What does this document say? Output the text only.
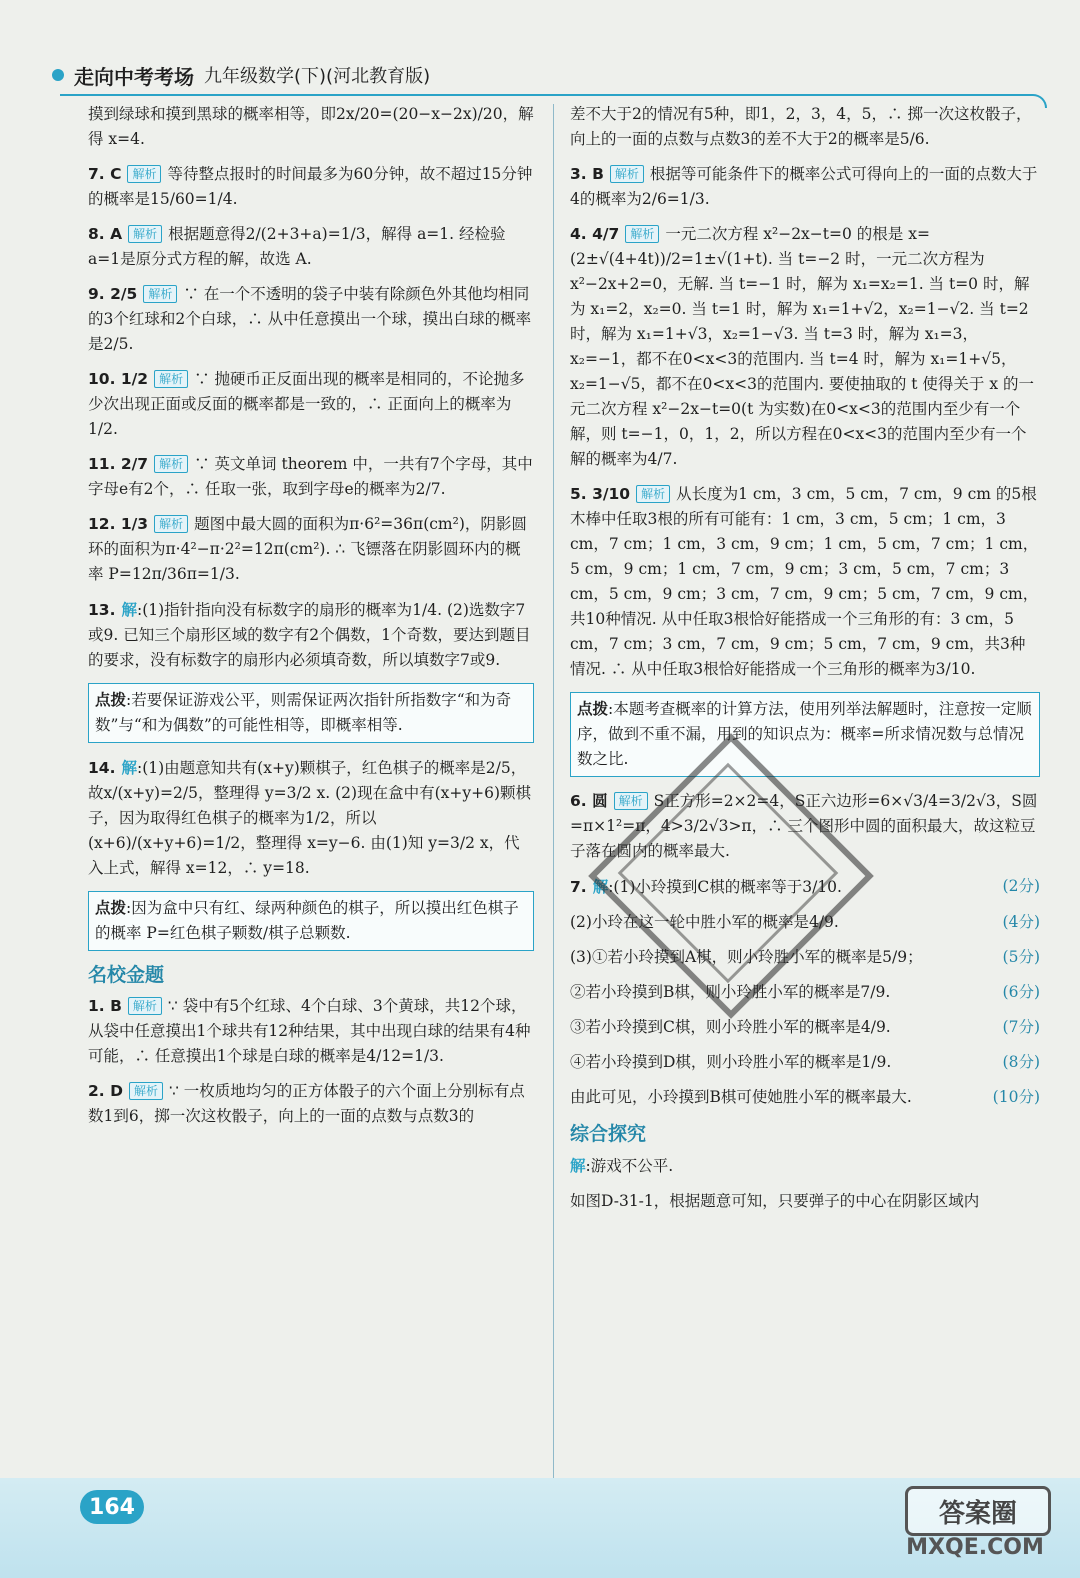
走向中考考场 九年级数学(下)(河北教育版)
摸到绿球和摸到黑球的概率相等，即2x/20=(20−x−2x)/20，解得 x=4.
7. C 解析 等待整点报时的时间最多为60分钟，故不超过15分钟的概率是15/60=1/4.
8. A 解析 根据题意得2/(2+3+a)=1/3，解得 a=1. 经检验 a=1是原分式方程的解，故选 A.
9. 2/5 解析 ∵ 在一个不透明的袋子中装有除颜色外其他均相同的3个红球和2个白球，∴ 从中任意摸出一个球，摸出白球的概率是2/5.
10. 1/2 解析 ∵ 抛硬币正反面出现的概率是相同的，不论抛多少次出现正面或反面的概率都是一致的，∴ 正面向上的概率为1/2.
11. 2/7 解析 ∵ 英文单词 theorem 中，一共有7个字母，其中字母e有2个，∴ 任取一张，取到字母e的概率为2/7.
12. 1/3 解析 题图中最大圆的面积为π·6²=36π(cm²)，阴影圆环的面积为π·4²−π·2²=12π(cm²). ∴ 飞镖落在阴影圆环内的概率 P=12π/36π=1/3.
13. 解:(1)指针指向没有标数字的扇形的概率为1/4. (2)选数字7或9. 已知三个扇形区域的数字有2个偶数，1个奇数，要达到题目的要求，没有标数字的扇形内必须填奇数，所以填数字7或9.
点拨:若要保证游戏公平，则需保证两次指针所指数字“和为奇数”与“和为偶数”的可能性相等，即概率相等.
14. 解:(1)由题意知共有(x+y)颗棋子，红色棋子的概率是2/5，故x/(x+y)=2/5，整理得 y=3/2 x. (2)现在盒中有(x+y+6)颗棋子，因为取得红色棋子的概率为1/2，所以(x+6)/(x+y+6)=1/2，整理得 x=y−6. 由(1)知 y=3/2 x，代入上式，解得 x=12，∴ y=18.
点拨:因为盒中只有红、绿两种颜色的棋子，所以摸出红色棋子的概率 P=红色棋子颗数/棋子总颗数.
名校金题
1. B 解析 ∵ 袋中有5个红球、4个白球、3个黄球，共12个球，从袋中任意摸出1个球共有12种结果，其中出现白球的结果有4种可能，∴ 任意摸出1个球是白球的概率是4/12=1/3.
2. D 解析 ∵ 一枚质地均匀的正方体骰子的六个面上分别标有点数1到6，掷一次这枚骰子，向上的一面的点数与点数3的
差不大于2的情况有5种，即1，2，3，4，5，∴ 掷一次这枚骰子，向上的一面的点数与点数3的差不大于2的概率是5/6.
3. B 解析 根据等可能条件下的概率公式可得向上的一面的点数大于4的概率为2/6=1/3.
4. 4/7 解析 一元二次方程 x²−2x−t=0 的根是 x=(2±√(4+4t))/2=1±√(1+t). 当 t=−2 时，一元二次方程为 x²−2x+2=0，无解. 当 t=−1 时，解为 x₁=x₂=1. 当 t=0 时，解为 x₁=2，x₂=0. 当 t=1 时，解为 x₁=1+√2，x₂=1−√2. 当 t=2 时，解为 x₁=1+√3，x₂=1−√3. 当 t=3 时，解为 x₁=3，x₂=−1，都不在0<x<3的范围内. 当 t=4 时，解为 x₁=1+√5，x₂=1−√5，都不在0<x<3的范围内. 要使抽取的 t 使得关于 x 的一元二次方程 x²−2x−t=0(t 为实数)在0<x<3的范围内至少有一个解，则 t=−1，0，1，2，所以方程在0<x<3的范围内至少有一个解的概率为4/7.
5. 3/10 解析 从长度为1 cm，3 cm，5 cm，7 cm，9 cm 的5根木棒中任取3根的所有可能有：1 cm，3 cm，5 cm；1 cm，3 cm，7 cm；1 cm，3 cm，9 cm；1 cm，5 cm，7 cm；1 cm，5 cm，9 cm；1 cm，7 cm，9 cm；3 cm，5 cm，7 cm；3 cm，5 cm，9 cm；3 cm，7 cm，9 cm；5 cm，7 cm，9 cm，共10种情况. 从中任取3根恰好能搭成一个三角形的有：3 cm，5 cm，7 cm；3 cm，7 cm，9 cm；5 cm，7 cm，9 cm，共3种情况. ∴ 从中任取3根恰好能搭成一个三角形的概率为3/10.
点拨:本题考查概率的计算方法，使用列举法解题时，注意按一定顺序，做到不重不漏，用到的知识点为：概率=所求情况数与总情况数之比.
6. 圆 解析 S正方形=2×2=4，S正六边形=6×√3/4=3/2√3，S圆=π×1²=π，4>3/2√3>π，∴ 三个图形中圆的面积最大，故这粒豆子落在圆内的概率最大.
7. 解:(1)小玲摸到C棋的概率等于3/10.	(2分)
(2)小玲在这一轮中胜小军的概率是4/9.	(4分)
(3)①若小玲摸到A棋，则小玲胜小军的概率是5/9；	(5分)
②若小玲摸到B棋，则小玲胜小军的概率是7/9.	(6分)
③若小玲摸到C棋，则小玲胜小军的概率是4/9.	(7分)
④若小玲摸到D棋，则小玲胜小军的概率是1/9.	(8分)
由此可见，小玲摸到B棋可使她胜小军的概率最大.	(10分)
综合探究
解:游戏不公平.
如图D-31-1，根据题意可知，只要弹子的中心在阴影区域内
164	答案圈
MXQE.COM
